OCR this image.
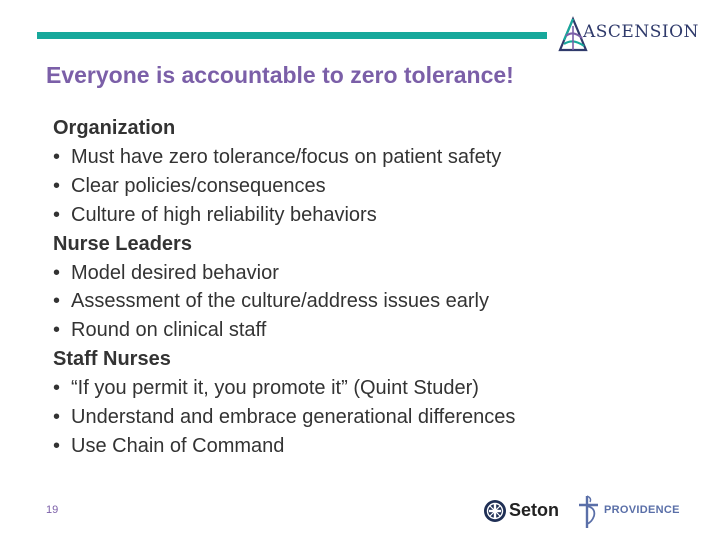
ASCENSION
Everyone is accountable to zero tolerance!
Organization
• Must have zero tolerance/focus on patient safety
• Clear policies/consequences
• Culture of high reliability behaviors
Nurse Leaders
• Model desired behavior
• Assessment of the culture/address issues early
• Round on clinical staff
Staff Nurses
• “If you permit it, you promote it” (Quint Studer)
• Understand and embrace generational differences
• Use Chain of Command
19	Seton	PROVIDENCE
